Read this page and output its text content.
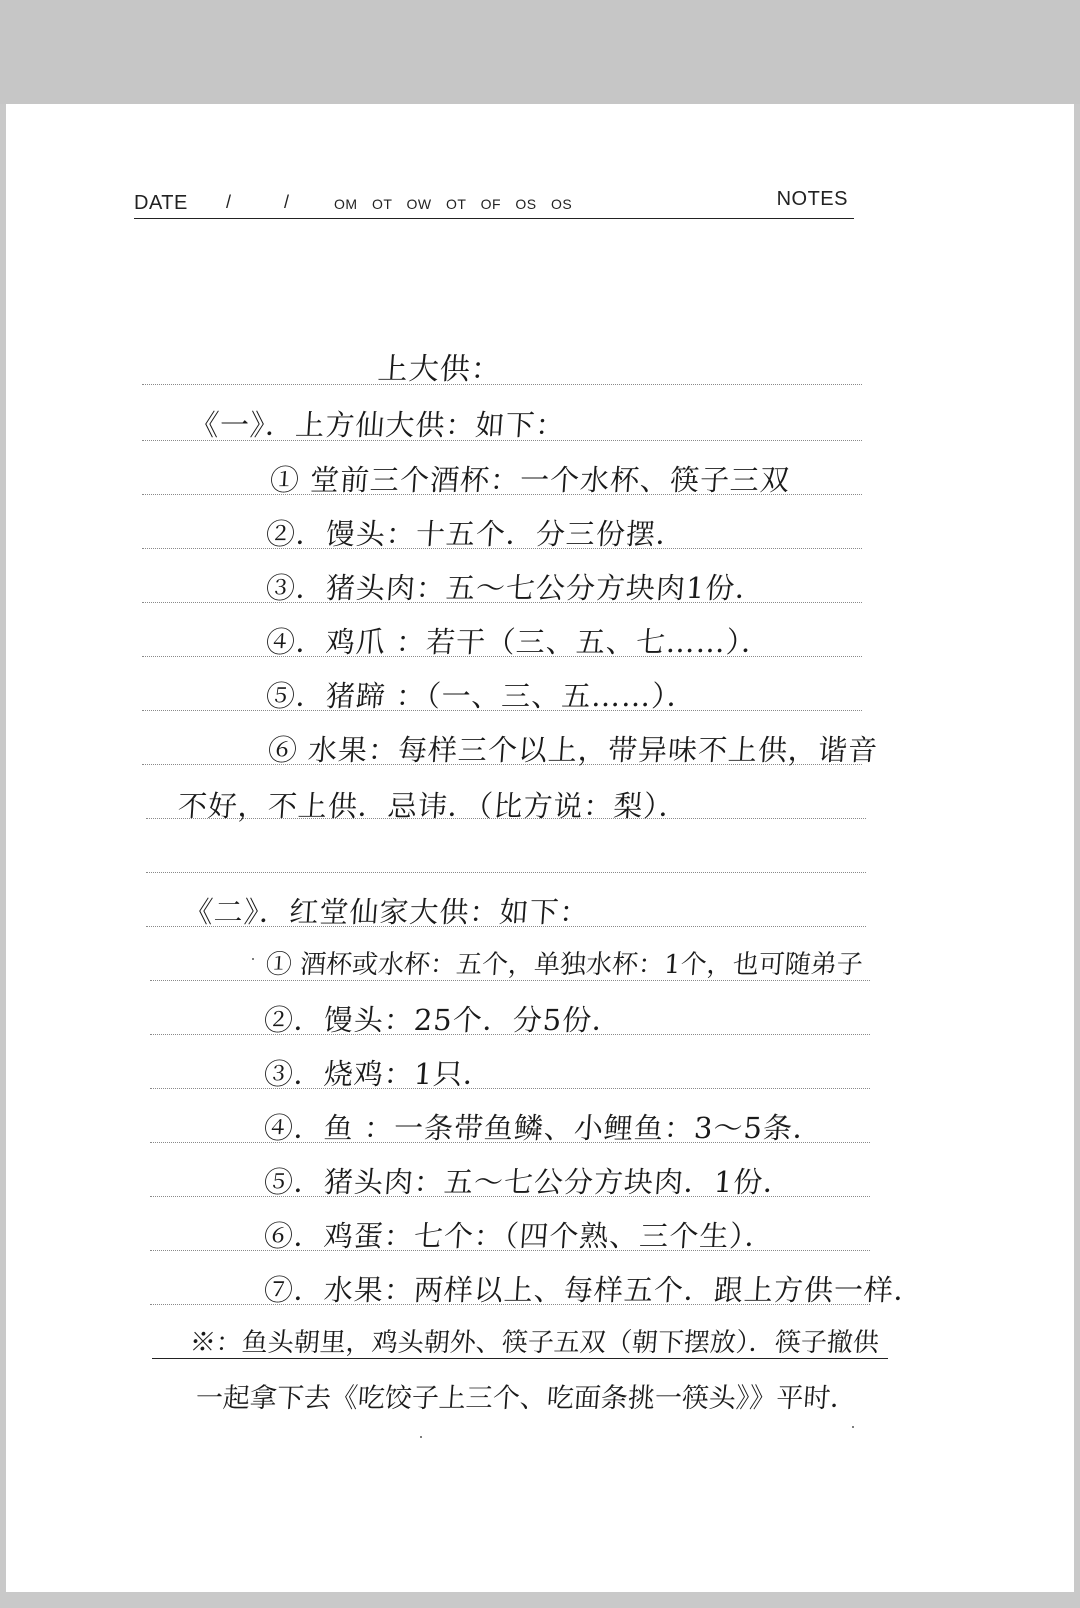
DATE /	/	OM OT OW OT OF OS OS	NOTES
上大供：
《一》．上方仙大供：如下：
① 堂前三个酒杯：一个水杯、筷子三双
②．馒头：十五个．分三份摆．
③．猪头肉：五～七公分方块肉1份．
④．鸡爪 ：若干（三、五、七……）．
⑤．猪蹄 ：（一、三、五……）．
⑥ 水果：每样三个以上，带异味不上供，谐音
不好，不上供．忌讳．（比方说：梨）．
《二》．红堂仙家大供：如下：
① 酒杯或水杯：五个，单独水杯：1个，也可随弟子
②．馒头：25个．分5份．
③．烧鸡：1只．
④．鱼 ：一条带鱼鳞、小鲤鱼：3～5条．
⑤．猪头肉：五～七公分方块肉．1份．
⑥．鸡蛋：七个：（四个熟、三个生）．
⑦．水果：两样以上、每样五个．跟上方供一样．
※：鱼头朝里，鸡头朝外、筷子五双（朝下摆放）．筷子撤供
一起拿下去《吃饺子上三个、吃面条挑一筷头》》平时．
